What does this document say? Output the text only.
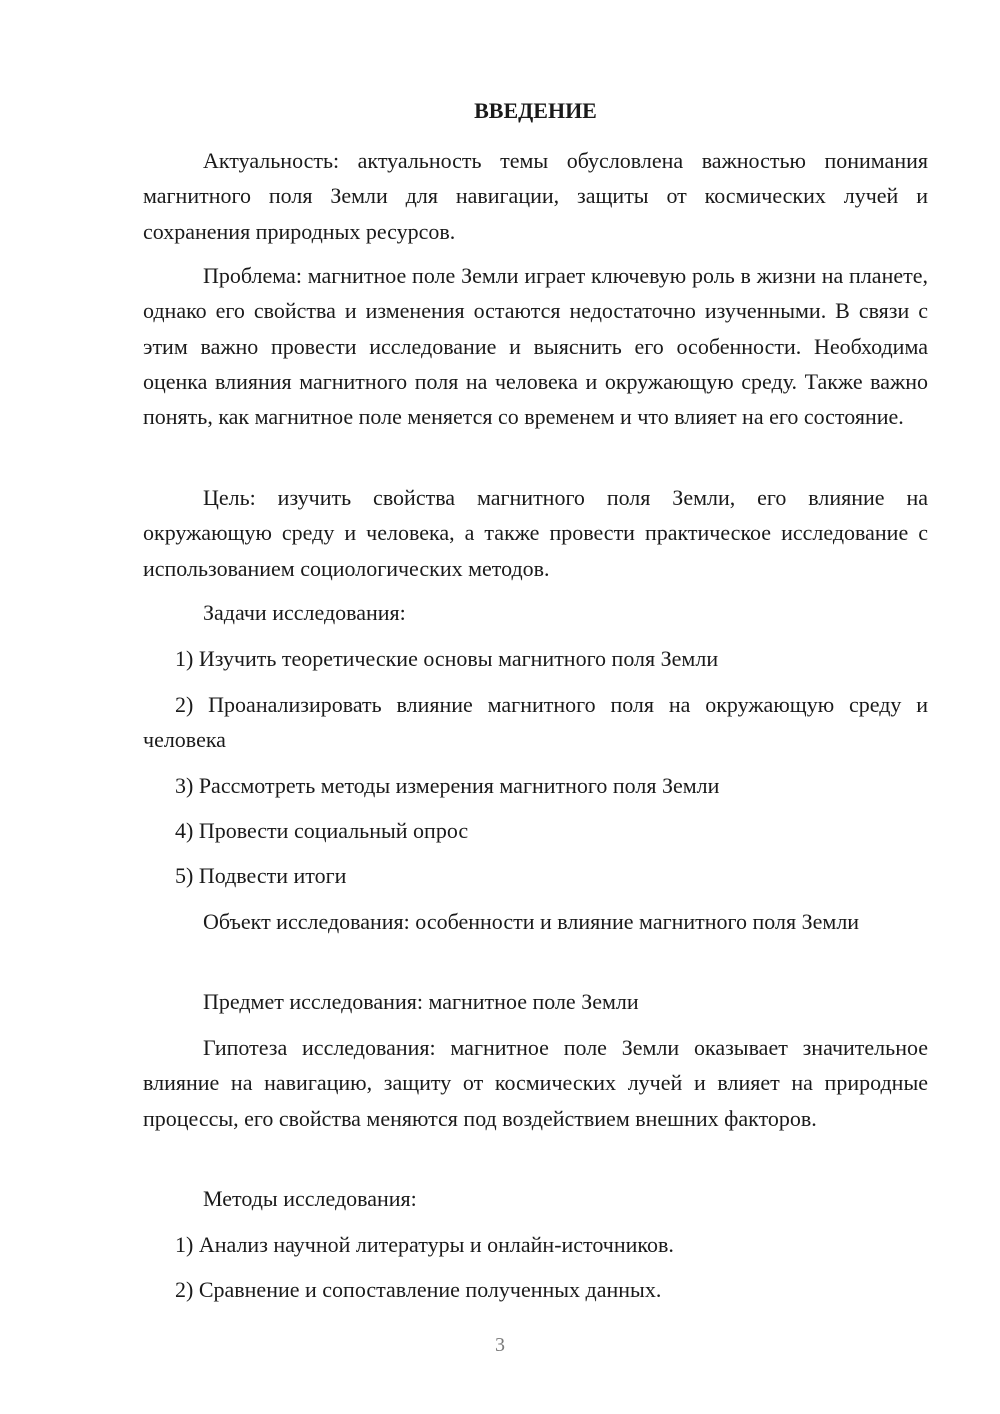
ВВЕДЕНИЕ
Актуальность: актуальность темы обусловлена важностью понимания магнитного поля Земли для навигации, защиты от космических лучей и сохранения природных ресурсов.
Проблема: магнитное поле Земли играет ключевую роль в жизни на планете, однако его свойства и изменения остаются недостаточно изученными. В связи с этим важно провести исследование и выяснить его особенности. Необходима оценка влияния магнитного поля на человека и окружающую среду. Также важно понять, как магнитное поле меняется со временем и что влияет на его состояние.
Цель: изучить свойства магнитного поля Земли, его влияние на окружающую среду и человека, а также провести практическое исследование с использованием социологических методов.
Задачи исследования:
1) Изучить теоретические основы магнитного поля Земли
2) Проанализировать влияние магнитного поля на окружающую среду и человека
3) Рассмотреть методы измерения магнитного поля Земли
4) Провести социальный опрос
5) Подвести итоги
Объект исследования: особенности и влияние магнитного поля Земли
Предмет исследования: магнитное поле Земли
Гипотеза исследования: магнитное поле Земли оказывает значительное влияние на навигацию, защиту от космических лучей и влияет на природные процессы, его свойства меняются под воздействием внешних факторов.
Методы исследования:
1) Анализ научной литературы и онлайн-источников.
2) Сравнение и сопоставление полученных данных.
3
